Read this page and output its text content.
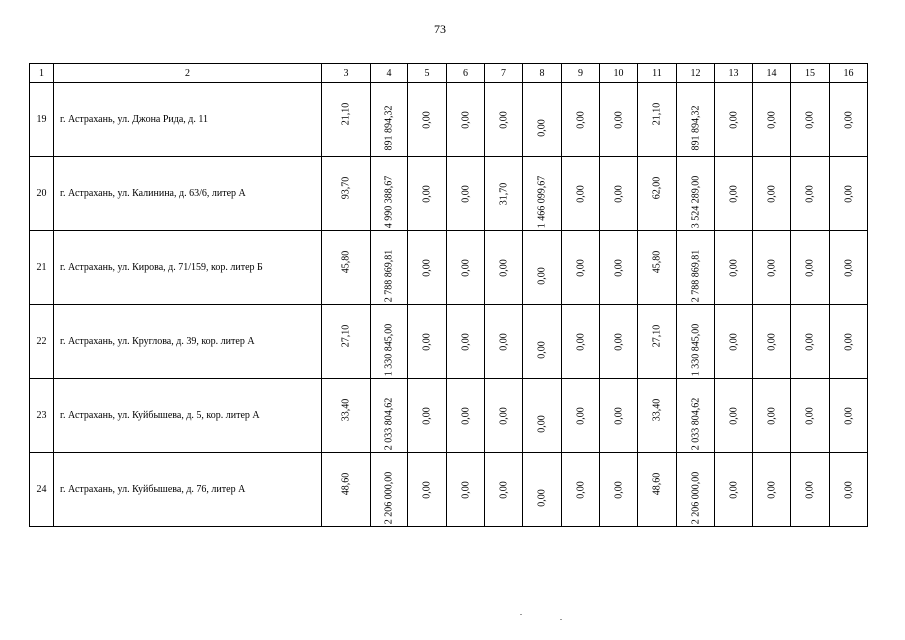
73
1	2	3	4	5	6	7	8	9	10	11	12	13	14	15	16
19	г. Астрахань, ул. Джона Рида, д. 11	21,10	891 894,32	0,00	0,00	0,00	0,00	0,00	0,00	21,10	891 894,32	0,00	0,00	0,00	0,00

20	г. Астрахань, ул. Калинина, д. 63/6, литер А	93,70	4 990 388,67	0,00	0,00	31,70	1 466 099,67	0,00	0,00	62,00	3 524 289,00	0,00	0,00	0,00	0,00

21	г. Астрахань, ул. Кирова, д. 71/159, кор. литер Б	45,80	2 788 869,81	0,00	0,00	0,00	0,00	0,00	0,00	45,80	2 788 869,81	0,00	0,00	0,00	0,00

22	г. Астрахань, ул. Круглова, д. 39, кор. литер А	27,10	1 330 845,00	0,00	0,00	0,00	0,00	0,00	0,00	27,10	1 330 845,00	0,00	0,00	0,00	0,00

23	г. Астрахань, ул. Куйбышева, д. 5, кор. литер А	33,40	2 033 804,62	0,00	0,00	0,00	0,00	0,00	0,00	33,40	2 033 804,62	0,00	0,00	0,00	0,00

24	г. Астрахань, ул. Куйбышева, д. 76, литер А	48,60	2 206 000,00	0,00	0,00	0,00	0,00	0,00	0,00	48,60	2 206 000,00	0,00	0,00	0,00	0,00
